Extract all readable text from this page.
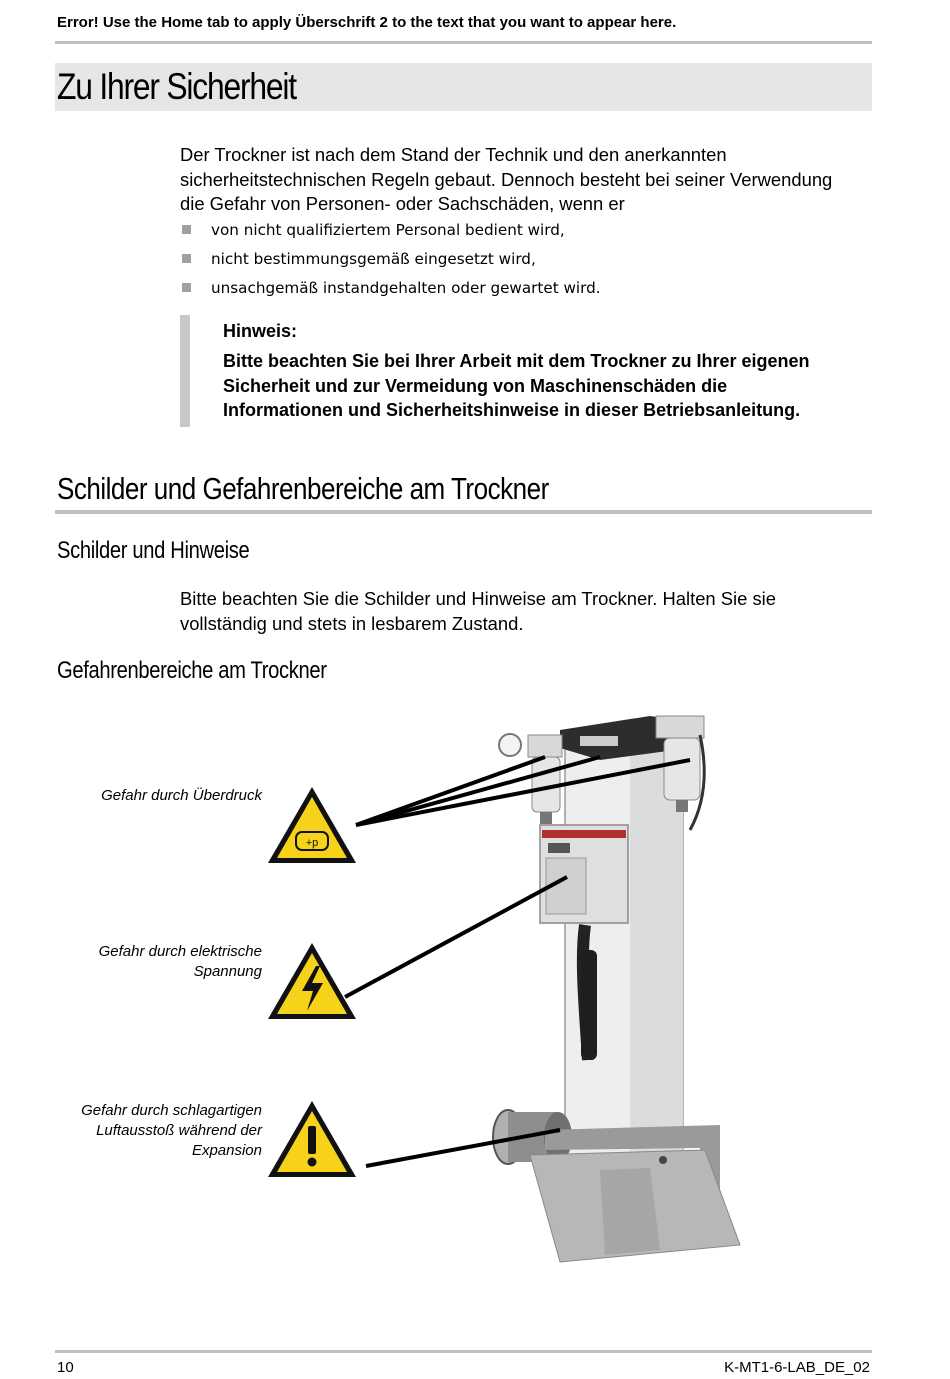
Error! Use the Home tab to apply Überschrift 2 to the text that you want to appear here.
Zu Ihrer Sicherheit
Der Trockner ist nach dem Stand der Technik und den anerkannten
sicherheitstechnischen Regeln gebaut. Dennoch besteht bei seiner Verwendung
die Gefahr von Personen- oder Sachschäden, wenn er
von nicht qualifiziertem Personal bedient wird,
nicht bestimmungsgemäß eingesetzt wird,
unsachgemäß instandgehalten oder gewartet wird.
Hinweis:
Bitte beachten Sie bei Ihrer Arbeit mit dem Trockner zu Ihrer eigenen
Sicherheit und zur Vermeidung von Maschinenschäden die
Informationen und Sicherheitshinweise in dieser Betriebsanleitung.
Schilder und Gefahrenbereiche am Trockner
Schilder und Hinweise
Bitte beachten Sie die Schilder und Hinweise am Trockner. Halten Sie sie
vollständig und stets in lesbarem Zustand.
Gefahrenbereiche am Trockner
Gefahr durch Überdruck
Gefahr durch elektrische
Spannung
Gefahr durch schlagartigen
Luftausstoß während der
Expansion
+p
10	K-MT1-6-LAB_DE_02
